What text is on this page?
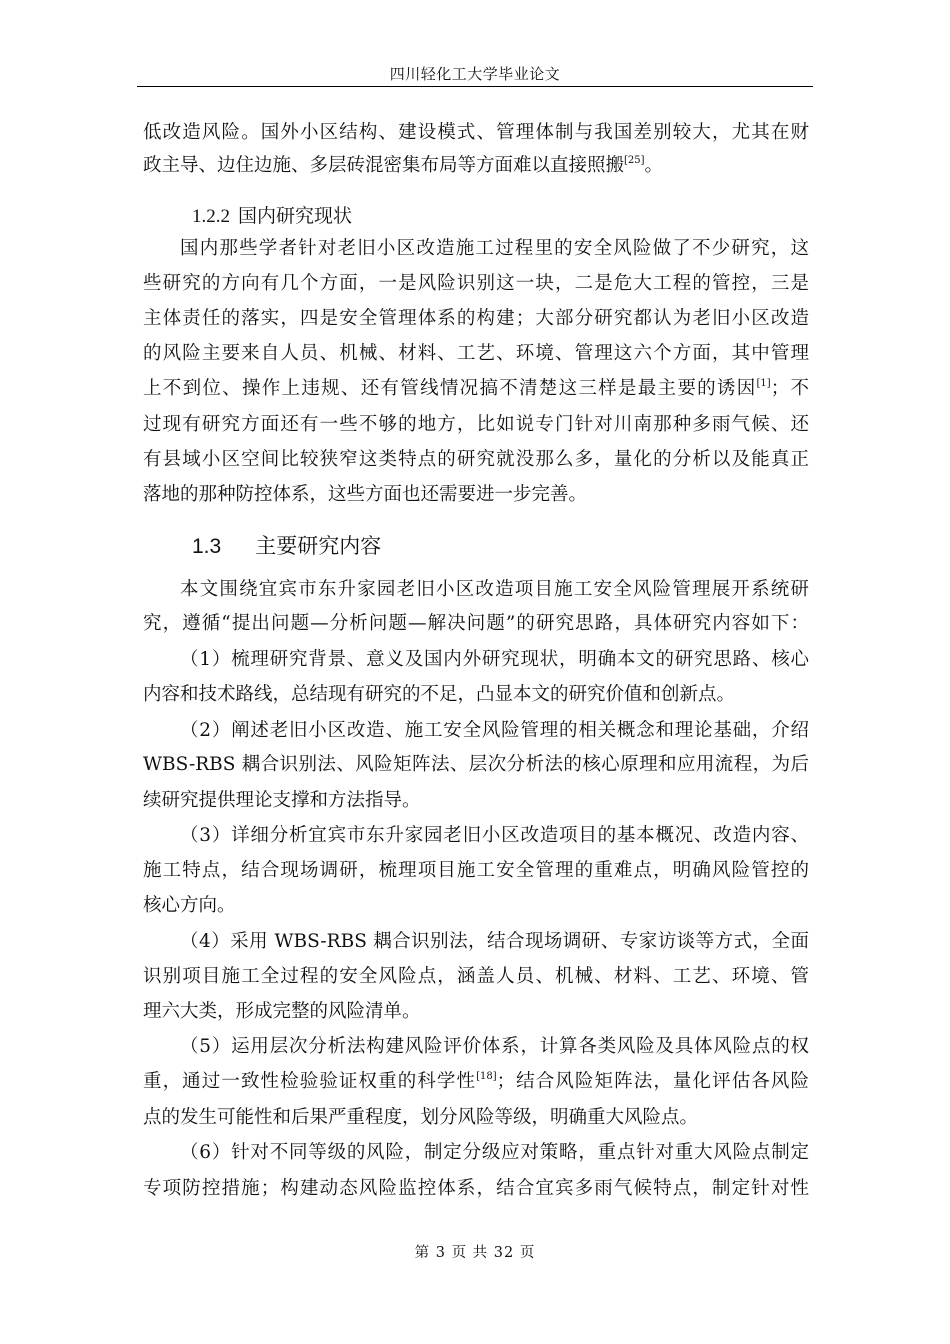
四川轻化工大学毕业论文
低改造风险。国外小区结构、建设模式、管理体制与我国差别较大，尤其在财
政主导、边住边施、多层砖混密集布局等方面难以直接照搬[25]。
1.2.2 国内研究现状
国内那些学者针对老旧小区改造施工过程里的安全风险做了不少研究，这
些研究的方向有几个方面，一是风险识别这一块，二是危大工程的管控，三是
主体责任的落实，四是安全管理体系的构建；大部分研究都认为老旧小区改造
的风险主要来自人员、机械、材料、工艺、环境、管理这六个方面，其中管理
上不到位、操作上违规、还有管线情况搞不清楚这三样是最主要的诱因[1]；不
过现有研究方面还有一些不够的地方，比如说专门针对川南那种多雨气候、还
有县域小区空间比较狭窄这类特点的研究就没那么多，量化的分析以及能真正
落地的那种防控体系，这些方面也还需要进一步完善。
1.3 主要研究内容
本文围绕宜宾市东升家园老旧小区改造项目施工安全风险管理展开系统研
究，遵循“提出问题—分析问题—解决问题”的研究思路，具体研究内容如下：
（1）梳理研究背景、意义及国内外研究现状，明确本文的研究思路、核心
内容和技术路线，总结现有研究的不足，凸显本文的研究价值和创新点。
（2）阐述老旧小区改造、施工安全风险管理的相关概念和理论基础，介绍
WBS-RBS 耦合识别法、风险矩阵法、层次分析法的核心原理和应用流程，为后
续研究提供理论支撑和方法指导。
（3）详细分析宜宾市东升家园老旧小区改造项目的基本概况、改造内容、
施工特点，结合现场调研，梳理项目施工安全管理的重难点，明确风险管控的
核心方向。
（4）采用 WBS-RBS 耦合识别法，结合现场调研、专家访谈等方式，全面
识别项目施工全过程的安全风险点，涵盖人员、机械、材料、工艺、环境、管
理六大类，形成完整的风险清单。
（5）运用层次分析法构建风险评价体系，计算各类风险及具体风险点的权
重，通过一致性检验验证权重的科学性[18]；结合风险矩阵法，量化评估各风险
点的发生可能性和后果严重程度，划分风险等级，明确重大风险点。
（6）针对不同等级的风险，制定分级应对策略，重点针对重大风险点制定
专项防控措施；构建动态风险监控体系，结合宜宾多雨气候特点，制定针对性
第 3 页 共 32 页
